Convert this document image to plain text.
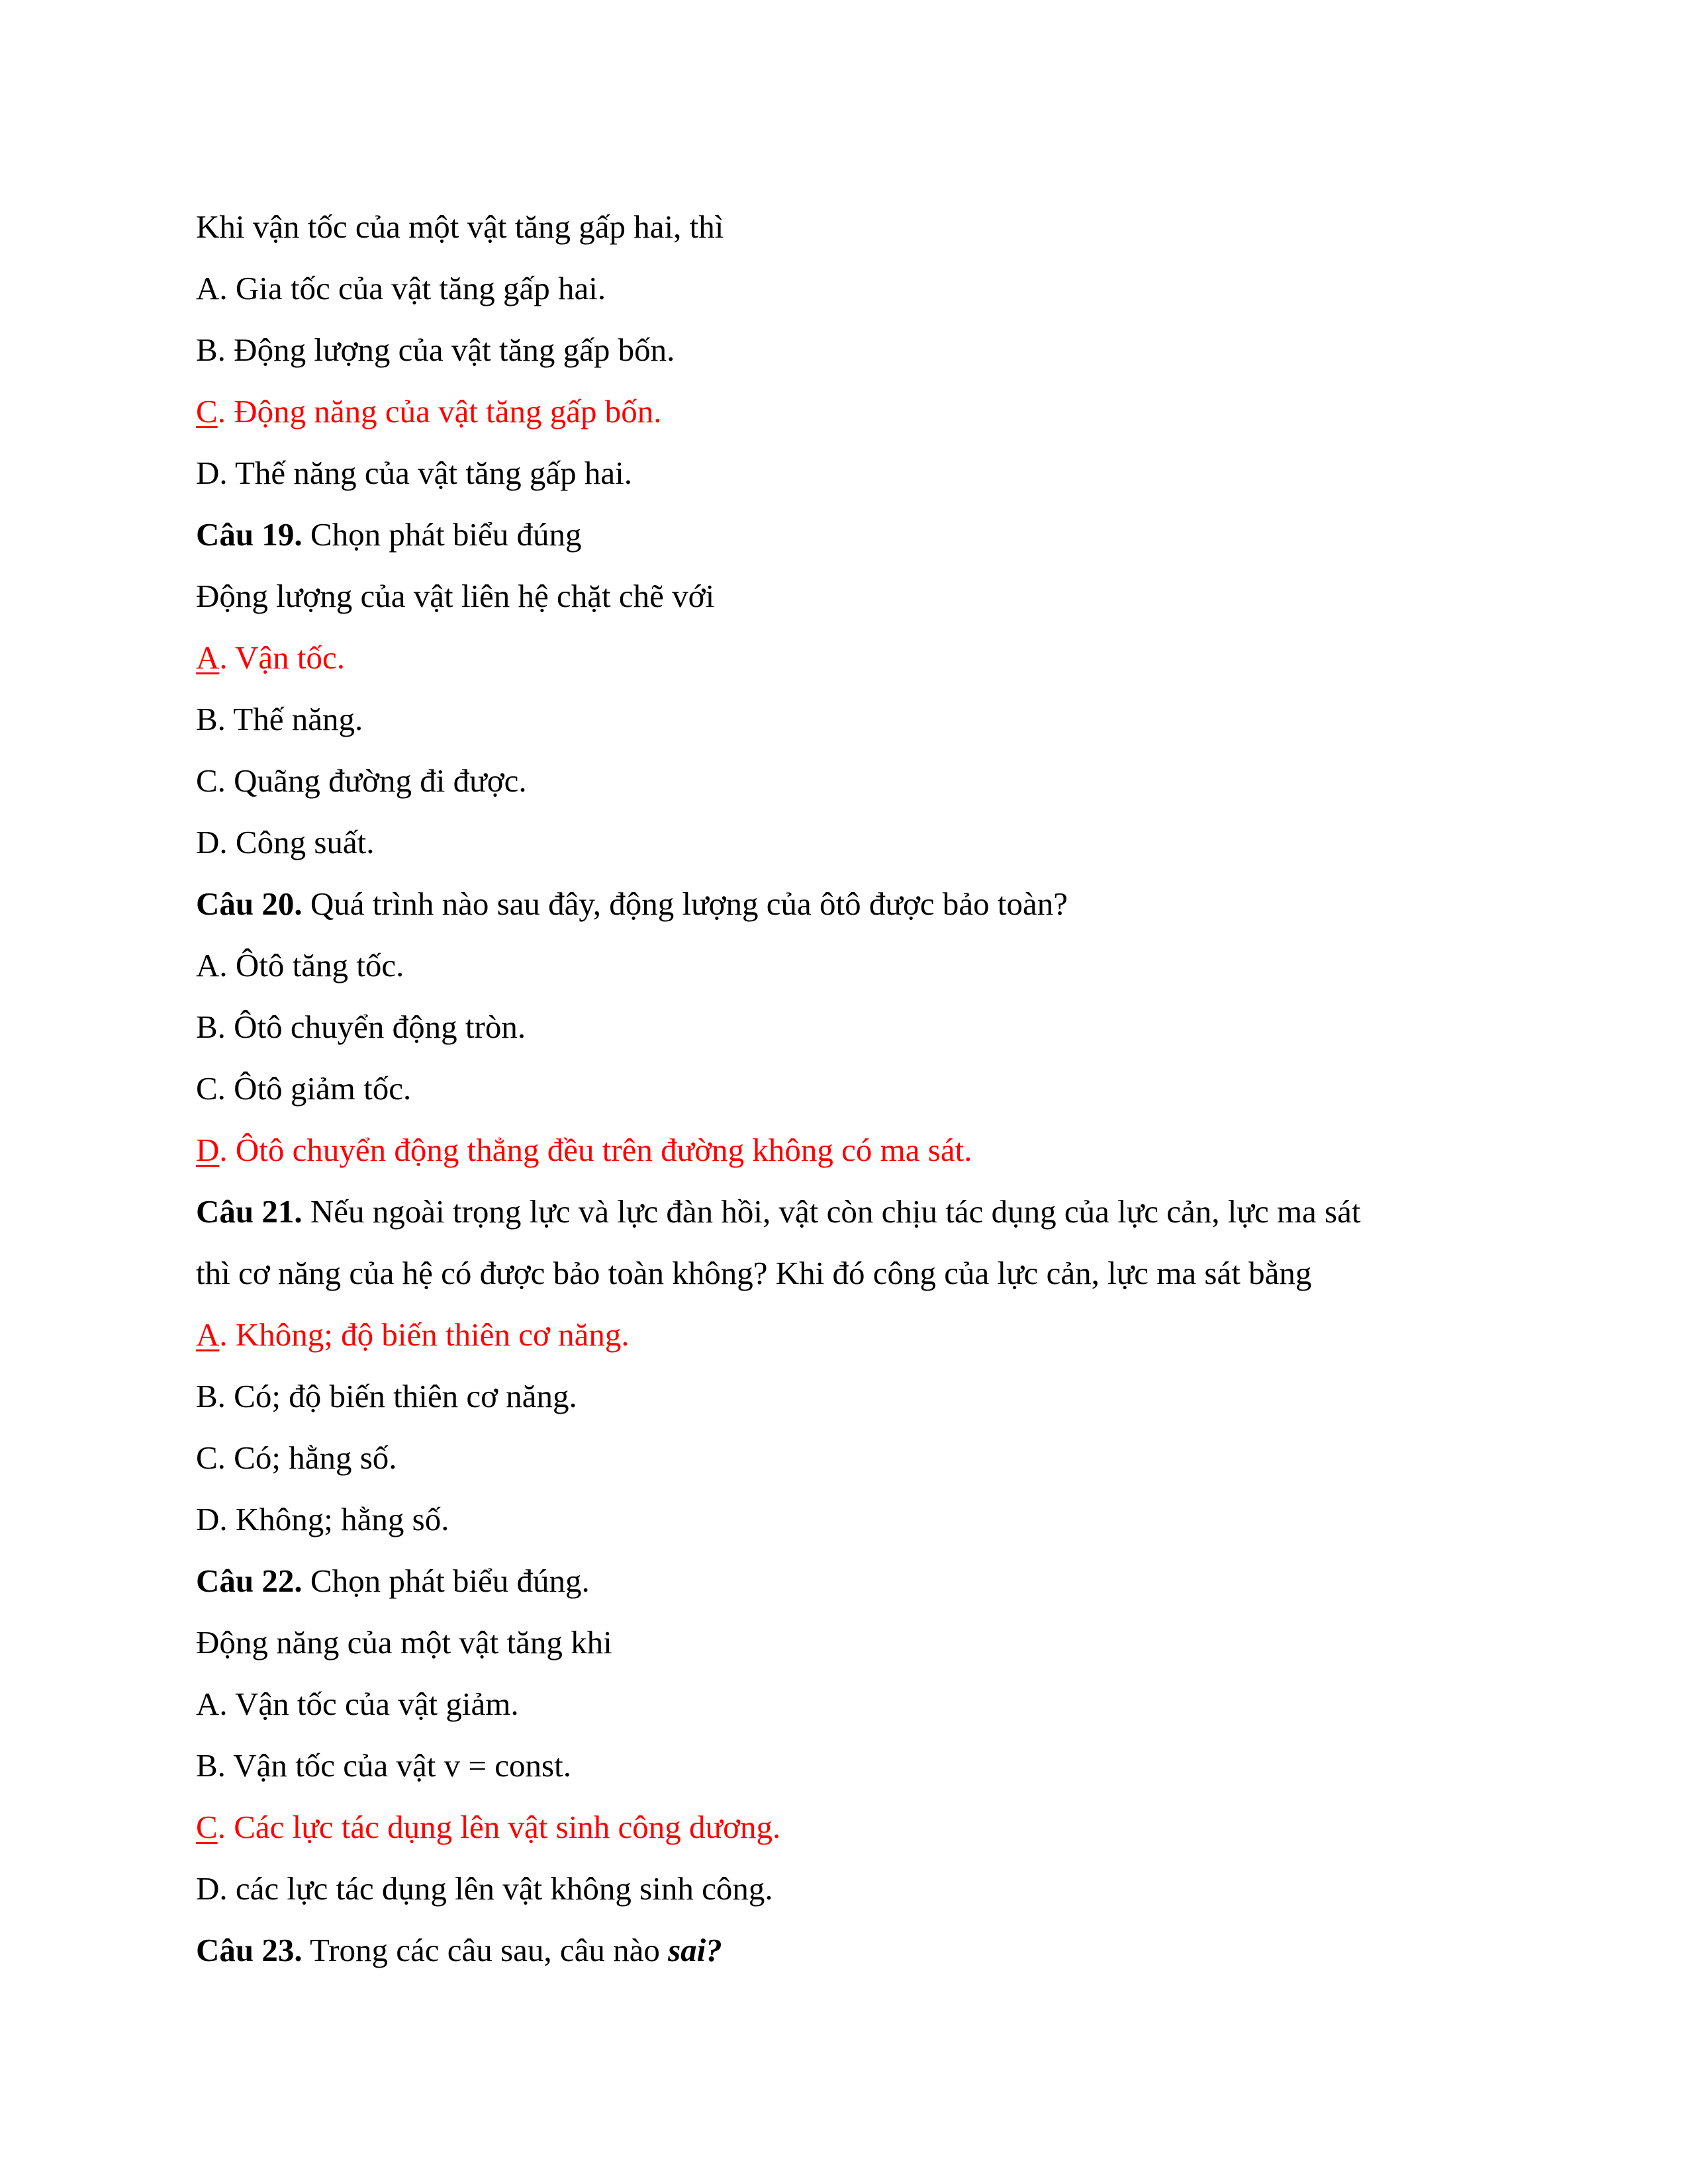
Khi vận tốc của một vật tăng gấp hai, thì
A. Gia tốc của vật tăng gấp hai.
B. Động lượng của vật tăng gấp bốn.
C. Động năng của vật tăng gấp bốn.
D. Thế năng của vật tăng gấp hai.
Câu 19. Chọn phát biểu đúng
Động lượng của vật liên hệ chặt chẽ với
A. Vận tốc.
B. Thế năng.
C. Quãng đường đi được.
D. Công suất.
Câu 20. Quá trình nào sau đây, động lượng của ôtô được bảo toàn?
A. Ôtô tăng tốc.
B. Ôtô chuyển động tròn.
C. Ôtô giảm tốc.
D. Ôtô chuyển động thẳng đều trên đường không có ma sát.
Câu 21. Nếu ngoài trọng lực và lực đàn hồi, vật còn chịu tác dụng của lực cản, lực ma sát
thì cơ năng của hệ có được bảo toàn không? Khi đó công của lực cản, lực ma sát bằng
A. Không; độ biến thiên cơ năng.
B. Có; độ biến thiên cơ năng.
C. Có; hằng số.
D. Không; hằng số.
Câu 22. Chọn phát biểu đúng.
Động năng của một vật tăng khi
A. Vận tốc của vật giảm.
B. Vận tốc của vật v = const.
C. Các lực tác dụng lên vật sinh công dương.
D. các lực tác dụng lên vật không sinh công.
Câu 23. Trong các câu sau, câu nào sai?
